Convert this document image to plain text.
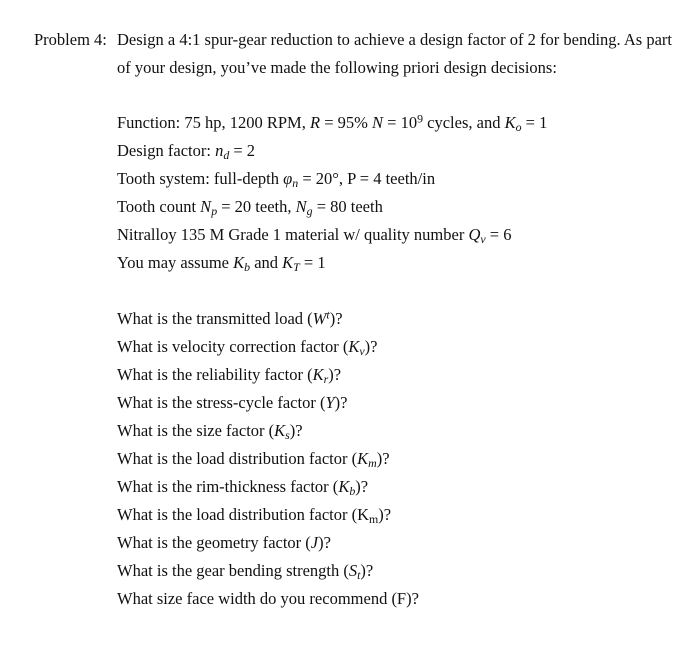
Problem 4: Design a 4:1 spur-gear reduction to achieve a design factor of 2 for bending. As part
of your design, you’ve made the following priori design decisions:
Function: 75 hp, 1200 RPM, R = 95% $N = 10^9$ cycles, and $K_o = 1$
Design factor: $n_d = 2$
Tooth system: full-depth $\varphi_n = 20^\circ$, P = 4 teeth/in
Tooth count $N_p = 20$ teeth, $N_g = 80$ teeth
Nitralloy 135 M Grade 1 material w/ quality number $Q_v = 6$
You may assume $K_b$ and $K_T = 1$
What is the transmitted load $(W^t)$?
What is velocity correction factor $(K_v)$?
What is the reliability factor $(K_r)$?
What is the stress-cycle factor (Y)?
What is the size factor $(K_s)$?
What is the load distribution factor $(K_m)$?
What is the rim-thickness factor $(K_b)$?
What is the load distribution factor $(K_m)$?
What is the geometry factor (J)?
What is the gear bending strength $(S_t)$?
What size face width do you recommend (F)?
